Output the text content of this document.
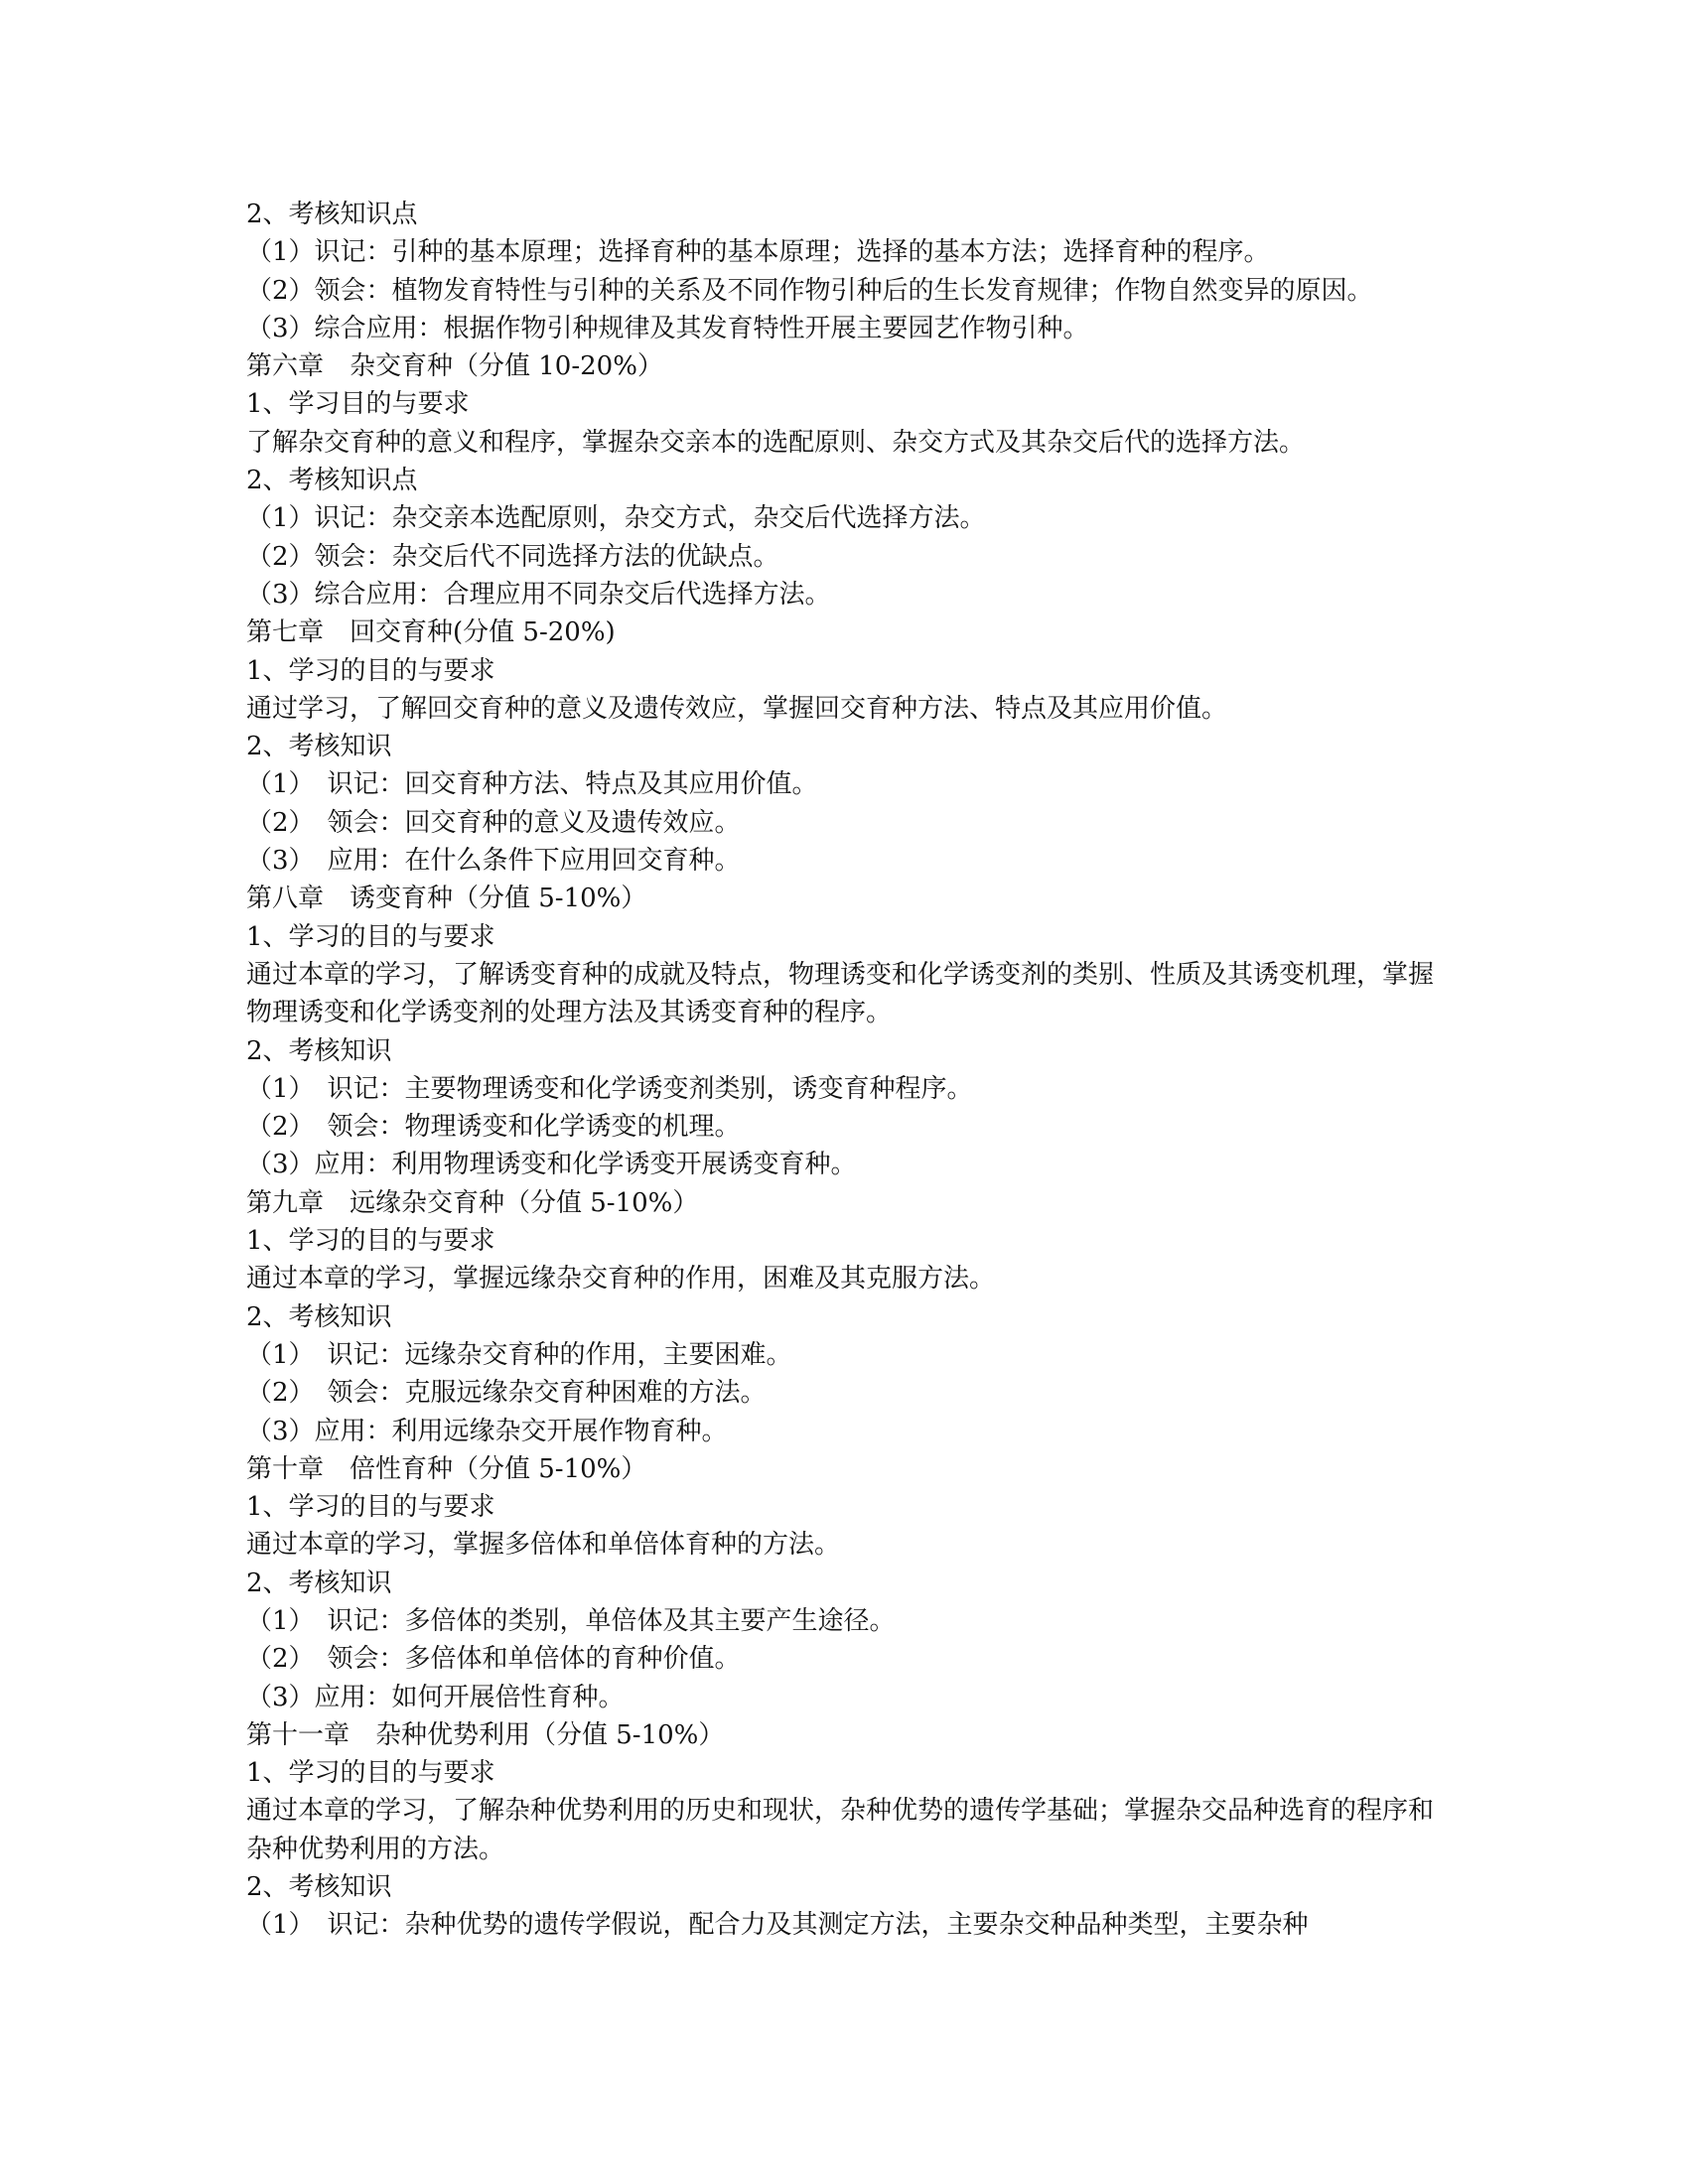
2、考核知识点

（1）识记：引种的基本原理；选择育种的基本原理；选择的基本方法；选择育种的程序。

（2）领会：植物发育特性与引种的关系及不同作物引种后的生长发育规律；作物自然变异的原因。

（3）综合应用：根据作物引种规律及其发育特性开展主要园艺作物引种。

第六章　杂交育种（分值 10-20%）

1、学习目的与要求

了解杂交育种的意义和程序，掌握杂交亲本的选配原则、杂交方式及其杂交后代的选择方法。

2、考核知识点

（1）识记：杂交亲本选配原则，杂交方式，杂交后代选择方法。

（2）领会：杂交后代不同选择方法的优缺点。

（3）综合应用：合理应用不同杂交后代选择方法。

第七章　回交育种(分值 5-20%)

1、学习的目的与要求

通过学习，了解回交育种的意义及遗传效应，掌握回交育种方法、特点及其应用价值。

2、考核知识

（1）　识记：回交育种方法、特点及其应用价值。

（2）　领会：回交育种的意义及遗传效应。

（3）　应用：在什么条件下应用回交育种。

第八章　诱变育种（分值 5-10%）

1、学习的目的与要求

通过本章的学习，了解诱变育种的成就及特点，物理诱变和化学诱变剂的类别、性质及其诱变机理，掌握物理诱变和化学诱变剂的处理方法及其诱变育种的程序。

2、考核知识

（1）　识记：主要物理诱变和化学诱变剂类别，诱变育种程序。

（2）　领会：物理诱变和化学诱变的机理。

（3）应用：利用物理诱变和化学诱变开展诱变育种。

第九章　远缘杂交育种（分值 5-10%）

1、学习的目的与要求

通过本章的学习，掌握远缘杂交育种的作用，困难及其克服方法。

2、考核知识

（1）　识记：远缘杂交育种的作用，主要困难。

（2）　领会：克服远缘杂交育种困难的方法。

（3）应用：利用远缘杂交开展作物育种。

第十章　倍性育种（分值 5-10%）

1、学习的目的与要求

通过本章的学习，掌握多倍体和单倍体育种的方法。

2、考核知识

（1）　识记：多倍体的类别，单倍体及其主要产生途径。

（2）　领会：多倍体和单倍体的育种价值。

（3）应用：如何开展倍性育种。

第十一章　杂种优势利用（分值 5-10%）

1、学习的目的与要求

通过本章的学习，了解杂种优势利用的历史和现状，杂种优势的遗传学基础；掌握杂交品种选育的程序和杂种优势利用的方法。

2、考核知识

（1）　识记：杂种优势的遗传学假说，配合力及其测定方法，主要杂交种品种类型，主要杂种
